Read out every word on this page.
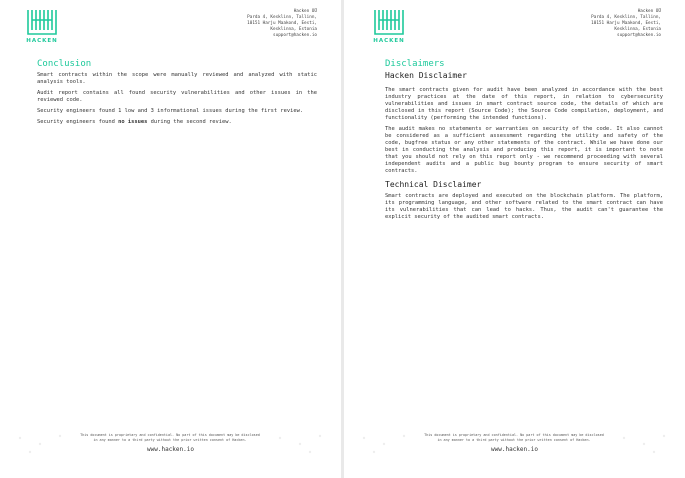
HACKEN
Hacken OÜ
Parda 4, Kesklinn, Tallinn,
10151 Harju Maakond, Eesti,
Kesklinna, Estonia
support@hacken.io
Conclusion

Smart contracts within the scope were manually reviewed and analyzed with static analysis tools.

Audit report contains all found security vulnerabilities and other issues in the reviewed code.

Security engineers found 1 low and 3 informational issues during the first review.

Security engineers found no issues during the second review.

This document is proprietary and confidential. No part of this document may be disclosed
in any manner to a third party without the prior written consent of Hacken.
www.hacken.io
HACKEN
Hacken OÜ
Parda 4, Kesklinn, Tallinn,
10151 Harju Maakond, Eesti,
Kesklinna, Estonia
support@hacken.io
Disclaimers
Hacken Disclaimer

The smart contracts given for audit have been analyzed in accordance with the best industry practices at the date of this report, in relation to cybersecurity vulnerabilities and issues in smart contract source code, the details of which are disclosed in this report (Source Code); the Source Code compilation, deployment, and functionality (performing the intended functions).

The audit makes no statements or warranties on security of the code. It also cannot be considered as a sufficient assessment regarding the utility and safety of the code, bugfree status or any other statements of the contract. While we have done our best in conducting the analysis and producing this report, it is important to note that you should not rely on this report only - we recommend proceeding with several independent audits and a public bug bounty program to ensure security of smart contracts.

Technical Disclaimer

Smart contracts are deployed and executed on the blockchain platform. The platform, its programming language, and other software related to the smart contract can have its vulnerabilities that can lead to hacks. Thus, the audit can't guarantee the explicit security of the audited smart contracts.

This document is proprietary and confidential. No part of this document may be disclosed
in any manner to a third party without the prior written consent of Hacken.
www.hacken.io
